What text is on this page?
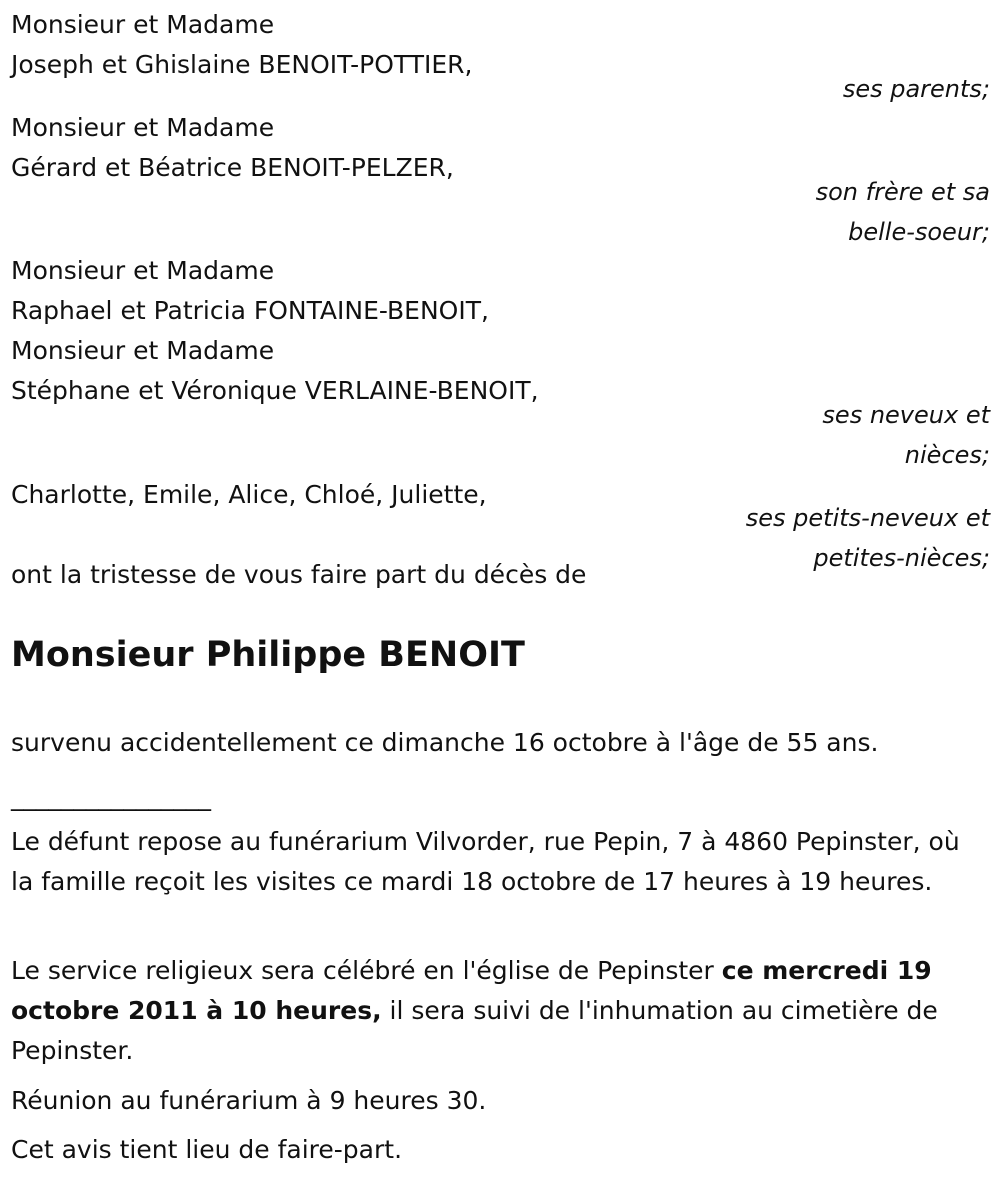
Monsieur et Madame

Joseph et Ghislaine BENOIT-POTTIER,

ses parents;

Monsieur et Madame

Gérard et Béatrice BENOIT-PELZER,

son frère et sa
belle-soeur;

Monsieur et Madame

Raphael et Patricia FONTAINE-BENOIT,

Monsieur et Madame

Stéphane et Véronique VERLAINE-BENOIT,

ses neveux et
nièces;

Charlotte, Emile, Alice, Chloé, Juliette,

ses petits-neveux et
petites-nièces;

ont la tristesse de vous faire part du décès de

Monsieur Philippe BENOIT

survenu accidentellement ce dimanche 16 octobre à l'âge de 55 ans.

________________

Le défunt repose au funérarium Vilvorder, rue Pepin, 7 à 4860 Pepinster, où la famille reçoit les visites ce mardi 18 octobre de 17 heures à 19 heures.

Le service religieux sera célébré en l'église de Pepinster ce mercredi 19 octobre 2011 à 10 heures, il sera suivi de l'inhumation au cimetière de Pepinster.

Réunion au funérarium à 9 heures 30.

Cet avis tient lieu de faire-part.
